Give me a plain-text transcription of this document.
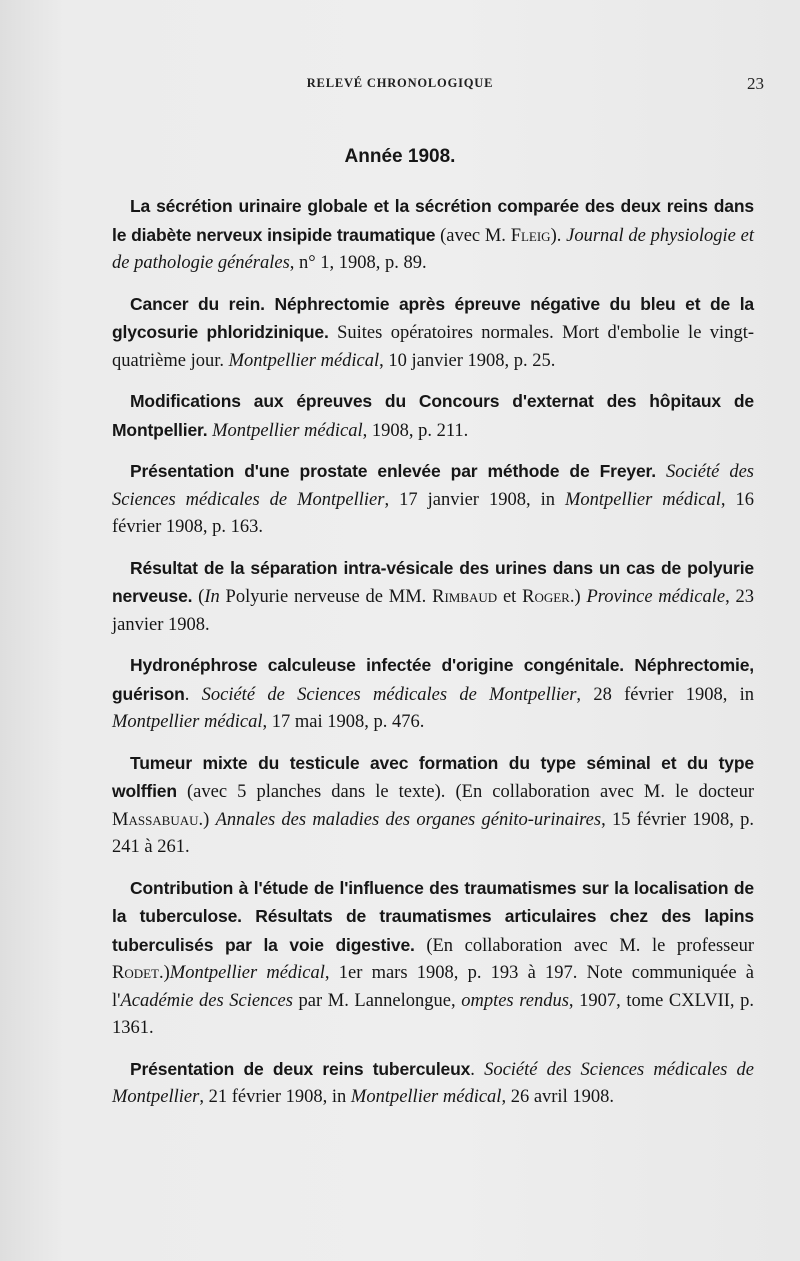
RELEVÉ CHRONOLOGIQUE	23
Année 1908.

La sécrétion urinaire globale et la sécrétion comparée des deux reins dans le diabète nerveux insipide traumatique (avec M. Fleig). Journal de physiologie et de pathologie générales, n° 1, 1908, p. 89.

Cancer du rein. Néphrectomie après épreuve négative du bleu et de la glycosurie phloridzinique. Suites opératoires normales. Mort d'embolie le vingt-quatrième jour. Montpellier médical, 10 janvier 1908, p. 25.

Modifications aux épreuves du Concours d'externat des hôpitaux de Montpellier. Montpellier médical, 1908, p. 211.

Présentation d'une prostate enlevée par méthode de Freyer. Société des Sciences médicales de Montpellier, 17 janvier 1908, in Montpellier médical, 16 février 1908, p. 163.

Résultat de la séparation intra-vésicale des urines dans un cas de polyurie nerveuse. (In Polyurie nerveuse de MM. Rimbaud et Roger.) Province médicale, 23 janvier 1908.

Hydronéphrose calculeuse infectée d'origine congénitale. Néphrectomie, guérison. Société de Sciences médicales de Montpellier, 28 février 1908, in Montpellier médical, 17 mai 1908, p. 476.

Tumeur mixte du testicule avec formation du type séminal et du type wolffien (avec 5 planches dans le texte). (En collaboration avec M. le docteur Massabuau.) Annales des maladies des organes génito-urinaires, 15 février 1908, p. 241 à 261.

Contribution à l'étude de l'influence des traumatismes sur la localisation de la tuberculose. Résultats de traumatismes articulaires chez des lapins tuberculisés par la voie digestive. (En collaboration avec M. le professeur Rodet.)Montpellier médical, 1er mars 1908, p. 193 à 197. Note communiquée à l'Académie des Sciences par M. Lannelongue, omptes rendus, 1907, tome CXLVII, p. 1361.

Présentation de deux reins tuberculeux. Société des Sciences médicales de Montpellier, 21 février 1908, in Montpellier médical, 26 avril 1908.
